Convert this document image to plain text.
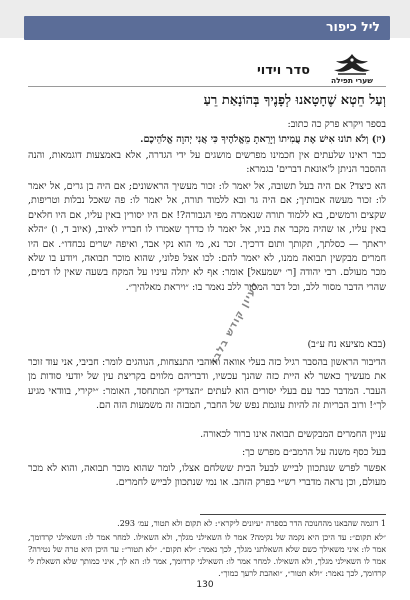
ליל כיפור
שערי תפילה
סדר וידוי
וְעַל חֵטְא שֶׁחָטָאנוּ לְפָנֶיךָ בְּהוֹנָאַת רֵעַ
בספר ויקרא פרק כה כתוב:
(יז) וְלֹא תוֹנוּ אִישׁ אֶת עֲמִיתוֹ וְיָרֵאתָ מֵאֱלֹהֶיךָ כִּי אֲנִי יְהוָה אֱלֹהֵיכֶם.
כבר ראינו שלעתים אין חכמינו מפרשים מושגים על ידי הגדרה, אלא באמצעות דוגמאות, והנה ההסבר הניתן ל'אונאת דברים' בגמרא:
הא כיצד? אם היה בעל תשובה, אל יאמר לו: זכור מעשיך הראשונים; אם היה בן גרים, אל יאמר לו: זכור מעשה אבותיך; אם היה גר ובא ללמוד תורה, אל יאמר לו: פה שאכל נבלות וטריפות, שקצים ורמשים, בא ללמוד תורה שנאמרה מפי הגבורה?! אם היו יסורין באין עליו, אם היו חלאים באין עליו, או שהיה מקבר את בניו, אל יאמר לו כדרך שאמרו לו חבריו לאיוב, (איוב ד, ו) ״הלא יראתך — כסלתך, תקותך ותום דרכיך. זכר נא, מי הוא נקי אבד, ואיפה ישרים נכחדו״. אם היו חמרים מבקשין תבואה ממנו, לא יאמר להם: לכו אצל פלוני, שהוא מוכר תבואה, ויודע בו שלא מכר מעולם. רבי יהודה [ר׳ ישמעאל] אומר: אף לא יתלה עיניו על המקח בשעה שאין לו דמים, שהרי הדבר מסור ללב, וכל דבר המסור ללב נאמר בו: ״ויראת מאלהיך״.
(בבא מציעא נח ע״ב)
הדיבור הראשון בהסבר רגיל כזה בעלי אוואה ואוהבי התנצחות, הנוהגים לומר: חביבי, אני עוד זוכר את מעשיך כאשר לא היית כזה שהנך עכשיו, ודבריהם מלווים בקריצת עין של יודעי סודות מן העבר. המדבר כבר עם בעלי יסורים הוא לעתים ״הצדיק״ המתחסד, האומר: ״יקירי, בוודאי מגיע לך״! ורוב הבריות זה להיות עוגמת נפש של החבר, המבזה זה משמעות הזה הם.
עניין החמרים המבקשים תבואה אינו ברור לכאורה.
בעל כסף משנה על הרמב״ם מפרש כך:
אפשר לפרש שנתכוון לבייש לבעל הבית ששלחם אצלו, לומר שהוא מוכר תבואה, והוא לא מכר מעולם, וכן נראה מדברי רש״י בפרק הזהב. או נמי שנתכוון לבייש לחמרים.
1 דוגמה שהבאנו מהחנוכה הדר בספרה ״עיונים ליקרא״: לא תקום ולא תטור, עמ׳ 293.
״לא תקום״: עד היכן היא נקמה של נקימה? אמר לו השאילני מגלך, ולא השאילו. למחר אמר לו: השאילני קרדומך, אמר לו: איני משאילך כשם שלא השאלתני מגלך, לכך נאמר: ״לא תקום״. ״לא תטור״: עד היכן היא טרה של נטירה? אמר לו השאילני מגלך, ולא השאילו. למחר אמר לו: השאילני קרדומך, אמר לו: הא לך, איני כמותך שלא השאלת לי קרדומך, לכך נאמר: ״ולא תטור״, ״ואהבת לרעך כמוך״.
לעיון קודש בלבד
130
